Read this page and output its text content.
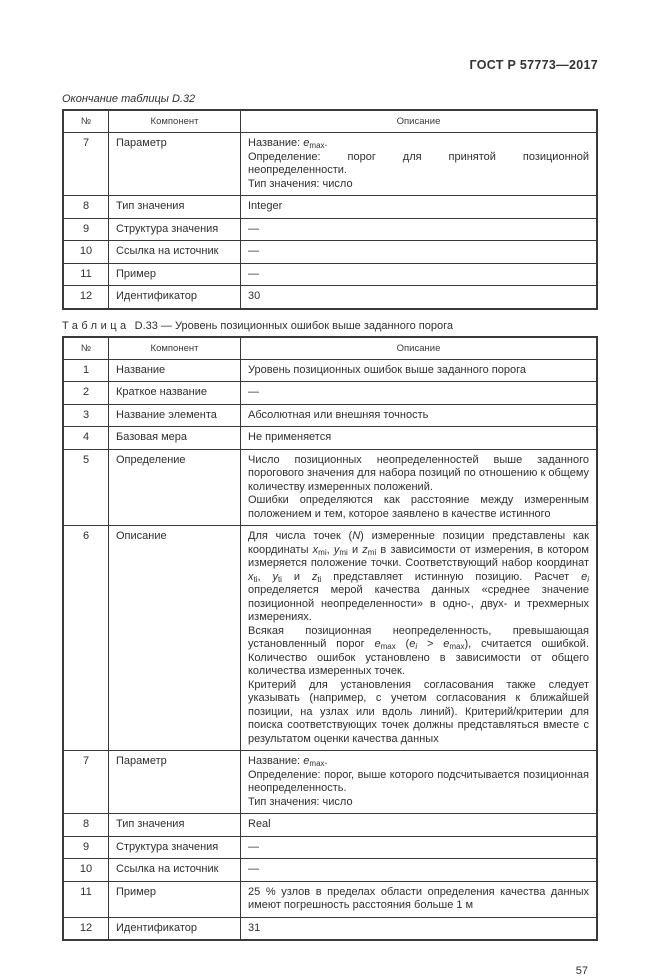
ГОСТ Р 57773—2017
Окончание таблицы D.32
№	Компонент	Описание
7	Параметр	Название: $e_{max}$.
Определение: порог для принятой позиционной неопределенности.
Тип значения: число

8	Тип значения	Integer
9	Структура значения	—
10	Ссылка на источник	—
11	Пример	—
12	Идентификатор	30
Таблица D.33 — Уровень позиционных ошибок выше заданного порога
№	Компонент	Описание
1	Название	Уровень позиционных ошибок выше заданного порога
2	Краткое название	—
3	Название элемента	Абсолютная или внешняя точность
4	Базовая мера	Не применяется
5	Определение	Число позиционных неопределенностей выше заданного порогового значения для набора позиций по отношению к общему количеству измеренных положений.
Ошибки определяются как расстояние между измеренным положением и тем, которое заявлено в качестве истинного

6	Описание	Для числа точек (N) измеренные позиции представлены как координаты $x_{mi}$, $y_{mi}$ и $z_{mi}$ в зависимости от измерения, в котором измеряется положение точки. Соответствующий набор координат $x_{ti}$, $y_{ti}$ и $z_{ti}$ представляет истинную позицию. Расчет $e_i$ определяется мерой качества данных «среднее значение позиционной неопределенности» в одно-, двух- и трехмерных измерениях.
Всякая позиционная неопределенность, превышающая установленный порог $e_{max}$ $(e_i > e_{max})$, считается ошибкой. Количество ошибок установлено в зависимости от общего количества измеренных точек.
Критерий для установления согласования также следует указывать (например, с учетом согласования к ближайшей позиции, на узлах или вдоль линий). Критерий/критерии для поиска соответствующих точек должны представляться вместе с результатом оценки качества данных

7	Параметр	Название: $e_{max}$.
Определение: порог, выше которого подсчитывается позиционная неопределенность.
Тип значения: число

8	Тип значения	Real
9	Структура значения	—
10	Ссылка на источник	—
11	Пример	25 % узлов в пределах области определения качества данных имеют погрешность расстояния больше 1 м
12	Идентификатор	31
57
